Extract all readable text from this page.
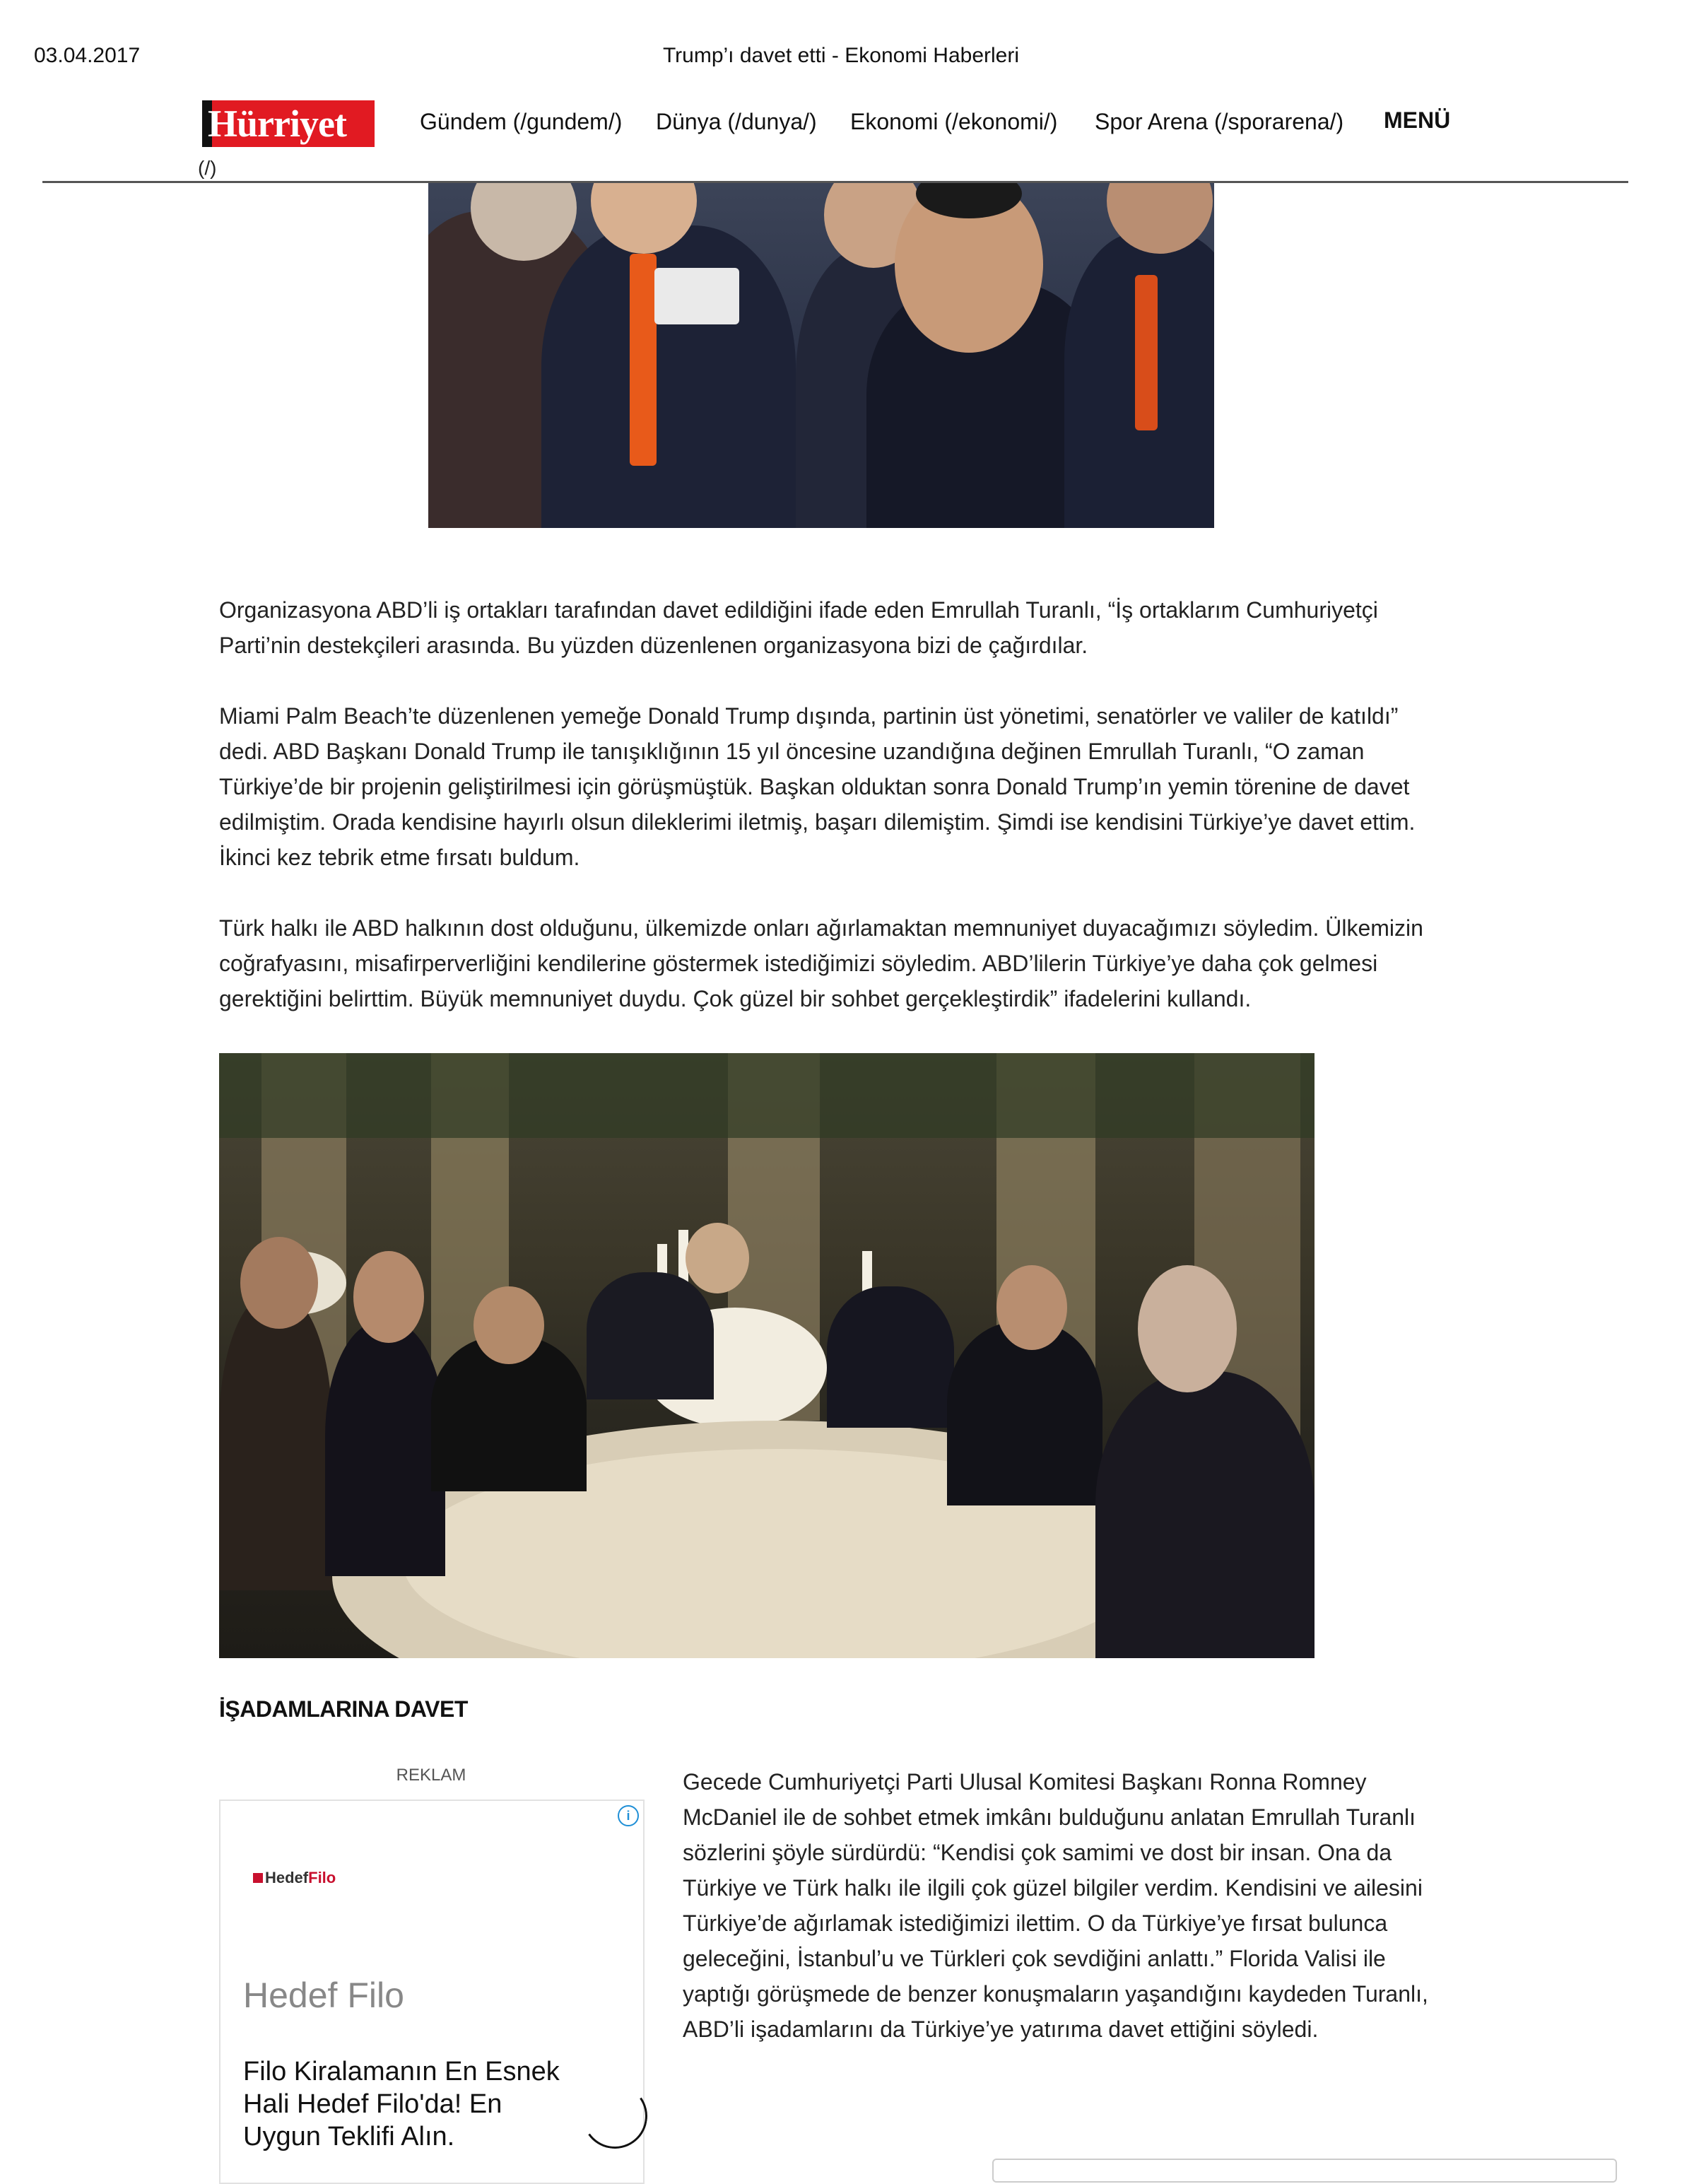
03.04.2017	Trump’ı davet etti - Ekonomi Haberleri
Hürriyet
(/)
Gündem (/gundem/) Dünya (/dunya/) Ekonomi (/ekonomi/) Spor Arena (/sporarena/) MENÜ

Organizasyona ABD’li iş ortakları tarafından davet edildiğini ifade eden Emrullah Turanlı, “İş ortaklarım Cumhuriyetçi Parti’nin destekçileri arasında. Bu yüzden düzenlenen organizasyona bizi de çağırdılar.

Miami Palm Beach’te düzenlenen yemeğe Donald Trump dışında, partinin üst yönetimi, senatörler ve valiler de katıldı” dedi. ABD Başkanı Donald Trump ile tanışıklığının 15 yıl öncesine uzandığına değinen Emrullah Turanlı, “O zaman Türkiye’de bir projenin geliştirilmesi için görüşmüştük. Başkan olduktan sonra Donald Trump’ın yemin törenine de davet edilmiştim. Orada kendisine hayırlı olsun dileklerimi iletmiş, başarı dilemiştim. Şimdi ise kendisini Türkiye’ye davet ettim. İkinci kez tebrik etme fırsatı buldum.

Türk halkı ile ABD halkının dost olduğunu, ülkemizde onları ağırlamaktan memnuniyet duyacağımızı söyledim. Ülkemizin coğrafyasını, misafirperverliğini kendilerine göstermek istediğimizi söyledim. ABD’lilerin Türkiye’ye daha çok gelmesi gerektiğini belirttim. Büyük memnuniyet duydu. Çok güzel bir sohbet gerçekleştirdik” ifadelerini kullandı.

İŞADAMLARINA DAVET
REKLAM
i
HedefFilo
Hedef Filo

Filo Kiralamanın En Esnek Hali Hedef Filo'da! En Uygun Teklifi Alın.

Gecede Cumhuriyetçi Parti Ulusal Komitesi Başkanı Ronna Romney McDaniel ile de sohbet etmek imkânı bulduğunu anlatan Emrullah Turanlı sözlerini şöyle sürdürdü: “Kendisi çok samimi ve dost bir insan. Ona da Türkiye ve Türk halkı ile ilgili çok güzel bilgiler verdim. Kendisini ve ailesini Türkiye’de ağırlamak istediğimizi ilettim. O da Türkiye’ye fırsat bulunca geleceğini, İstanbul’u ve Türkleri çok sevdiğini anlattı.” Florida Valisi ile yaptığı görüşmede de benzer konuşmaların yaşandığını kaydeden Turanlı, ABD’li işadamlarını da Türkiye’ye yatırıma davet ettiğini söyledi.
